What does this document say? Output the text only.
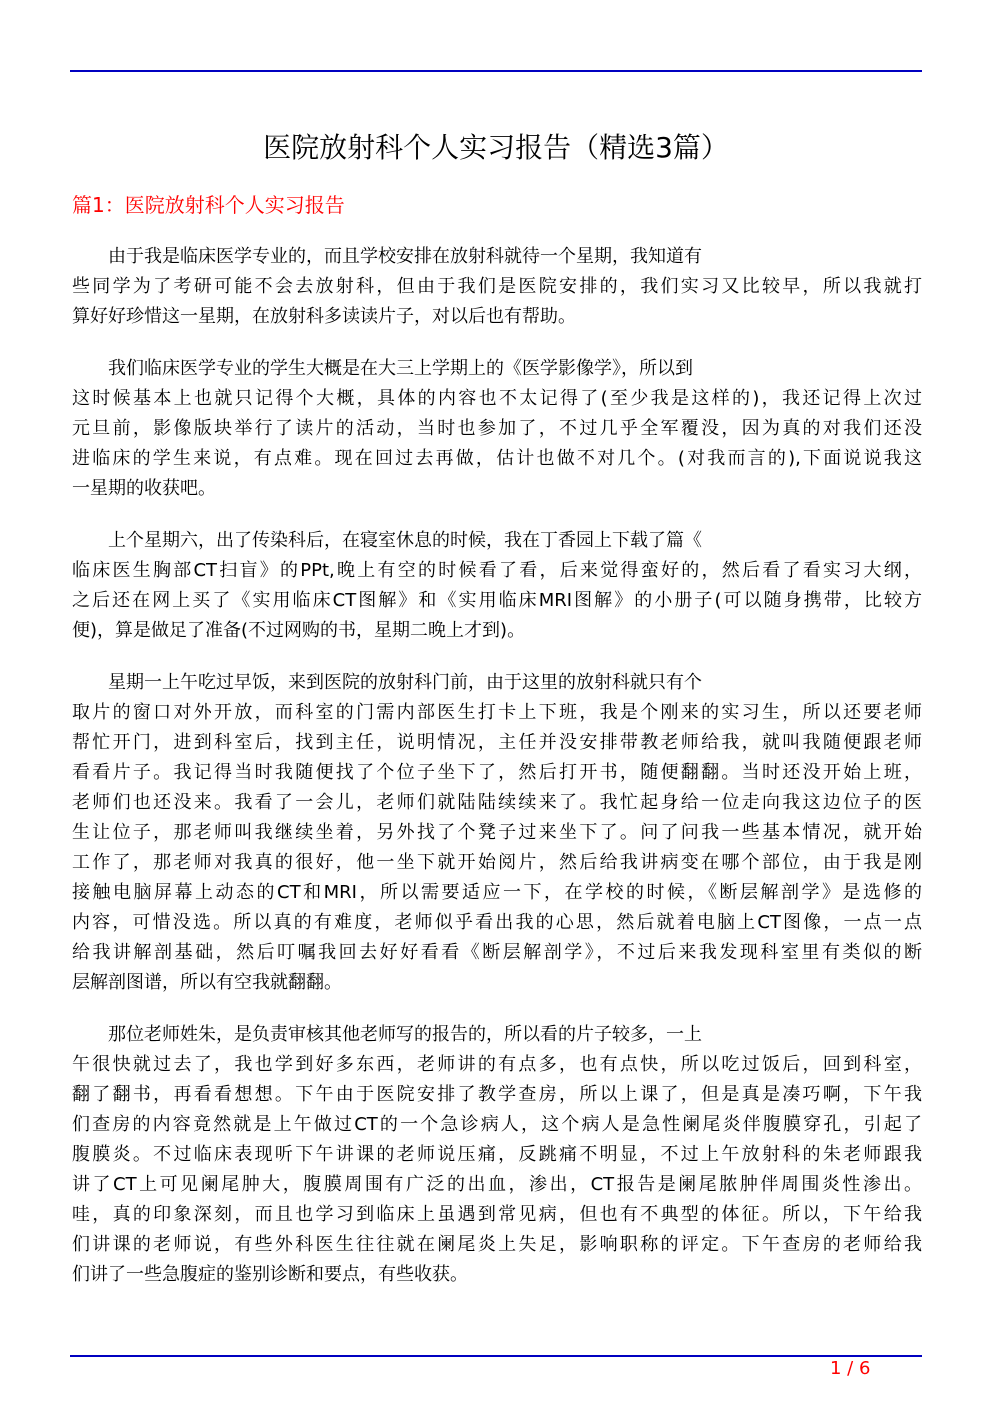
医院放射科个人实习报告（精选3篇）
篇1：医院放射科个人实习报告
由于我是临床医学专业的，而且学校安排在放射科就待一个星期，我知道有
些同学为了考研可能不会去放射科，但由于我们是医院安排的，我们实习又比较早，所以我就打
算好好珍惜这一星期，在放射科多读读片子，对以后也有帮助。
我们临床医学专业的学生大概是在大三上学期上的《医学影像学》，所以到
这时候基本上也就只记得个大概，具体的内容也不太记得了(至少我是这样的)，我还记得上次过
元旦前，影像版块举行了读片的活动，当时也参加了，不过几乎全军覆没，因为真的对我们还没
进临床的学生来说，有点难。现在回过去再做，估计也做不对几个。(对我而言的),下面说说我这
一星期的收获吧。
上个星期六，出了传染科后，在寝室休息的时候，我在丁香园上下载了篇《
临床医生胸部CT扫盲》的PPt,晚上有空的时候看了看，后来觉得蛮好的，然后看了看实习大纲，
之后还在网上买了《实用临床CT图解》和《实用临床MRI图解》的小册子(可以随身携带，比较方
便)，算是做足了准备(不过网购的书，星期二晚上才到)。
星期一上午吃过早饭，来到医院的放射科门前，由于这里的放射科就只有个
取片的窗口对外开放，而科室的门需内部医生打卡上下班，我是个刚来的实习生，所以还要老师
帮忙开门，进到科室后，找到主任，说明情况，主任并没安排带教老师给我，就叫我随便跟老师
看看片子。我记得当时我随便找了个位子坐下了，然后打开书，随便翻翻。当时还没开始上班，
老师们也还没来。我看了一会儿，老师们就陆陆续续来了。我忙起身给一位走向我这边位子的医
生让位子，那老师叫我继续坐着，另外找了个凳子过来坐下了。问了问我一些基本情况，就开始
工作了，那老师对我真的很好，他一坐下就开始阅片，然后给我讲病变在哪个部位，由于我是刚
接触电脑屏幕上动态的CT和MRI，所以需要适应一下，在学校的时候，《断层解剖学》是选修的
内容，可惜没选。所以真的有难度，老师似乎看出我的心思，然后就着电脑上CT图像，一点一点
给我讲解剖基础，然后叮嘱我回去好好看看《断层解剖学》，不过后来我发现科室里有类似的断
层解剖图谱，所以有空我就翻翻。
那位老师姓朱，是负责审核其他老师写的报告的，所以看的片子较多，一上
午很快就过去了，我也学到好多东西，老师讲的有点多，也有点快，所以吃过饭后，回到科室，
翻了翻书，再看看想想。下午由于医院安排了教学查房，所以上课了，但是真是凑巧啊，下午我
们查房的内容竟然就是上午做过CT的一个急诊病人，这个病人是急性阑尾炎伴腹膜穿孔，引起了
腹膜炎。不过临床表现听下午讲课的老师说压痛，反跳痛不明显，不过上午放射科的朱老师跟我
讲了CT上可见阑尾肿大，腹膜周围有广泛的出血，渗出，CT报告是阑尾脓肿伴周围炎性渗出。
哇，真的印象深刻，而且也学习到临床上虽遇到常见病，但也有不典型的体征。所以，下午给我
们讲课的老师说，有些外科医生往往就在阑尾炎上失足，影响职称的评定。下午查房的老师给我
们讲了一些急腹症的鉴别诊断和要点，有些收获。
1 / 6
